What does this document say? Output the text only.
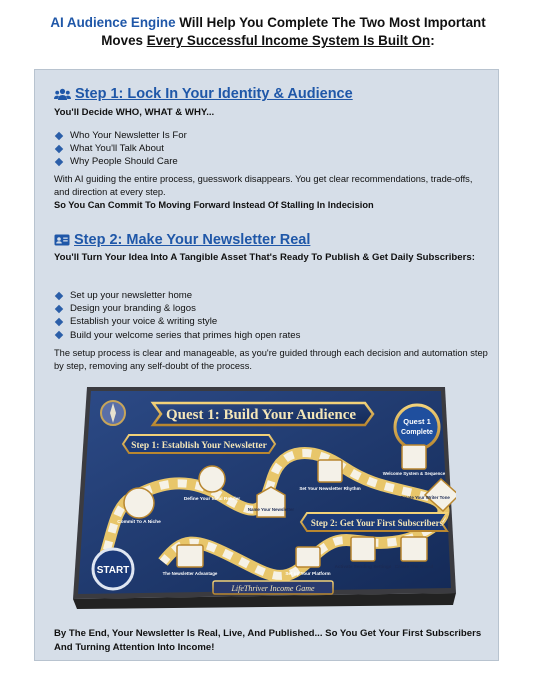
AI Audience Engine Will Help You Complete The Two Most Important
Moves Every Successful Income System Is Built On:
Step 1: Lock In Your Identity & Audience
You'll Decide WHO, WHAT & WHY...
Who Your Newsletter Is For
What You'll Talk About
Why People Should Care
With AI guiding the entire process, guesswork disappears. You get clear recommendations, trade-offs, and direction at every step.
So You Can Commit To Moving Forward Instead Of Stalling In Indecision
Step 2: Make Your Newsletter Real
You'll Turn Your Idea Into A Tangible Asset That's Ready To Publish & Get Daily Subscribers:
Set up your newsletter home
Design your branding & logos
Establish your voice & writing style
Build your welcome series that primes high open rates
The setup process is clear and manageable, as you're guided through each decision and automation step by step, removing any self-doubt of the process.
Quest 1: Build Your Audience	Quest 1
Complete
Step 1: Establish Your Newsletter
Step 2: Get Your First Subscribers
Commit To A Niche
Define Your Ideal Reader
Name Your Newsletter
Set Your Newsletter Rhythm
Welcome System & Sequence
Create Your Writer Tone
The Newsletter Advantage	Set up Your Platform
Activate Sending Settings Create The Brand
START
LifeThriver Income Game
By The End, Your Newsletter Is Real, Live, And Published... So You Get Your First Subscribers And Turning Attention Into Income!
